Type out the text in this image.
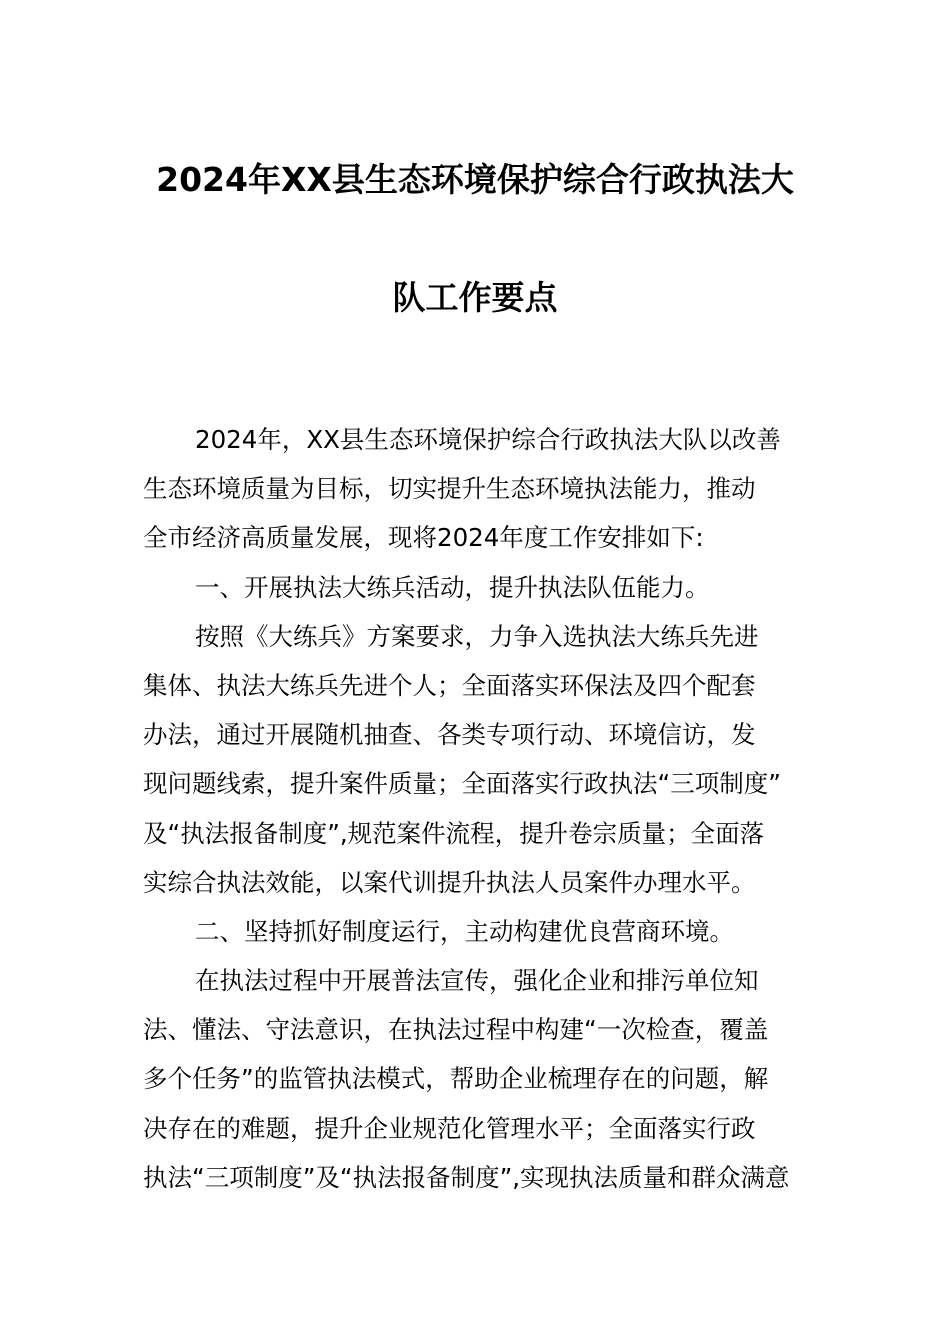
2024年XX县生态环境保护综合行政执法大
队工作要点
2024年，XX县生态环境保护综合行政执法大队以改善
生态环境质量为目标，切实提升生态环境执法能力，推动
全市经济高质量发展，现将2024年度工作安排如下:
一、开展执法大练兵活动，提升执法队伍能力。
按照《大练兵》方案要求，力争入选执法大练兵先进
集体、执法大练兵先进个人；全面落实环保法及四个配套
办法，通过开展随机抽查、各类专项行动、环境信访，发
现问题线索，提升案件质量；全面落实行政执法“三项制度”
及“执法报备制度”,规范案件流程，提升卷宗质量；全面落
实综合执法效能，以案代训提升执法人员案件办理水平。
二、坚持抓好制度运行，主动构建优良营商环境。
在执法过程中开展普法宣传，强化企业和排污单位知
法、懂法、守法意识，在执法过程中构建“一次检查，覆盖
多个任务”的监管执法模式，帮助企业梳理存在的问题，解
决存在的难题，提升企业规范化管理水平；全面落实行政
执法“三项制度”及“执法报备制度”,实现执法质量和群众满意
